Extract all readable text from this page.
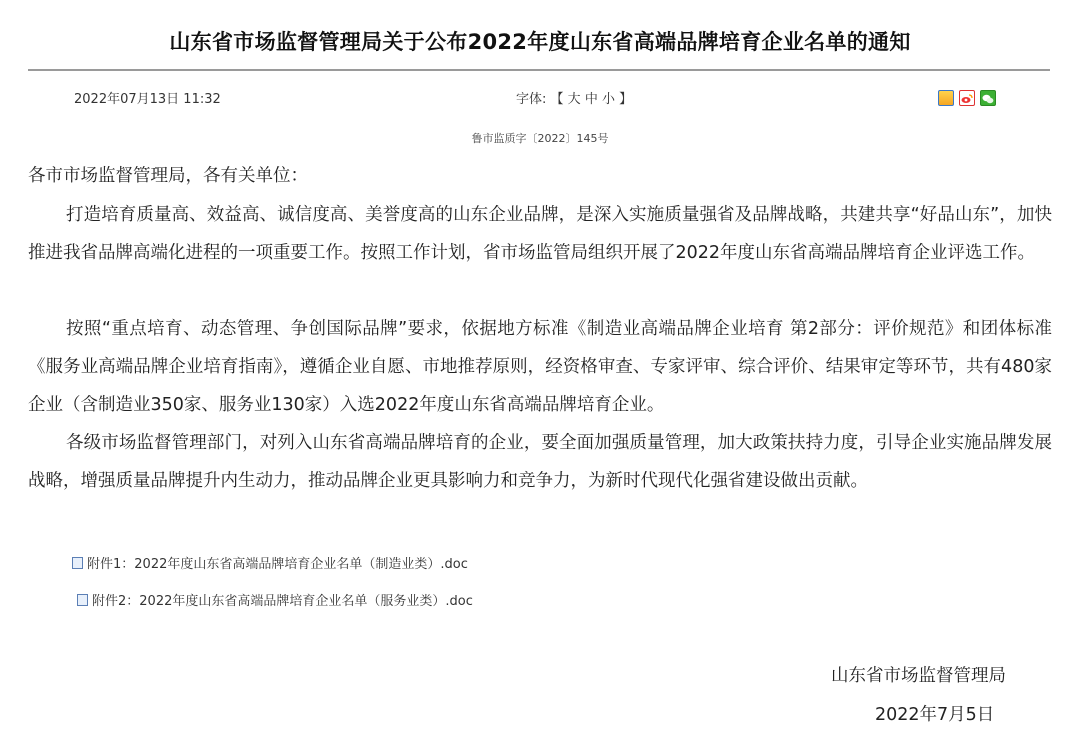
山东省市场监督管理局关于公布2022年度山东省高端品牌培育企业名单的通知
2022年07月13日 11:32	字体: 【 大 中 小 】
鲁市监质字〔2022〕145号
各市市场监督管理局，各有关单位：

打造培育质量高、效益高、诚信度高、美誉度高的山东企业品牌，是深入实施质量强省及品牌战略，共建共享“好品山东”，加快推进我省品牌高端化进程的一项重要工作。按照工作计划，省市场监管局组织开展了2022年度山东省高端品牌培育企业评选工作。

按照“重点培育、动态管理、争创国际品牌”要求，依据地方标准《制造业高端品牌企业培育 第2部分：评价规范》和团体标准《服务业高端品牌企业培育指南》，遵循企业自愿、市地推荐原则，经资格审查、专家评审、综合评价、结果审定等环节，共有480家企业（含制造业350家、服务业130家）入选2022年度山东省高端品牌培育企业。

各级市场监督管理部门，对列入山东省高端品牌培育的企业，要全面加强质量管理，加大政策扶持力度，引导企业实施品牌发展战略，增强质量品牌提升内生动力，推动品牌企业更具影响力和竞争力，为新时代现代化强省建设做出贡献。

附件1：2022年度山东省高端品牌培育企业名单（制造业类）.doc
附件2：2022年度山东省高端品牌培育企业名单（服务业类）.doc
山东省市场监督管理局
2022年7月5日
